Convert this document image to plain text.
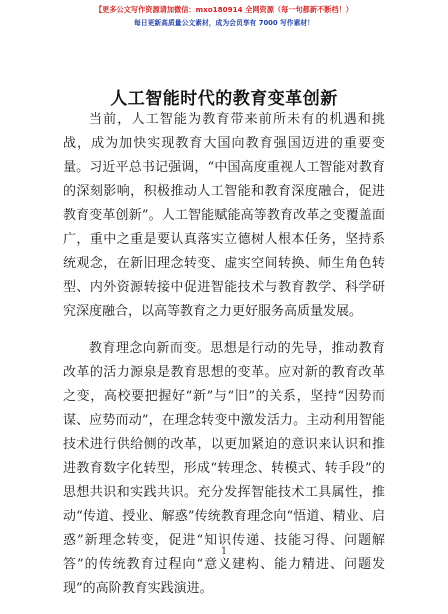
【更多公文写作资源请加微信：mxo180914 全网资源（每一句都新不断档！）
每日更新高质量公文素材，成为会员享有 7000 写作素材！
人工智能时代的教育变革创新

当前，人工智能为教育带来前所未有的机遇和挑战，成为加快实现教育大国向教育强国迈进的重要变量。习近平总书记强调，“中国高度重视人工智能对教育的深刻影响，积极推动人工智能和教育深度融合，促进教育变革创新”。人工智能赋能高等教育改革之变覆盖面广，重中之重是要认真落实立德树人根本任务，坚持系统观念，在新旧理念转变、虚实空间转换、师生角色转型、内外资源转接中促进智能技术与教育教学、科学研究深度融合，以高等教育之力更好服务高质量发展。

教育理念向新而变。思想是行动的先导，推动教育改革的活力源泉是教育思想的变革。应对新的教育改革之变，高校要把握好“新”与“旧”的关系，坚持“因势而谋、应势而动”，在理念转变中激发活力。主动利用智能技术进行供给侧的改革，以更加紧迫的意识来认识和推进教育数字化转型，形成“转理念、转模式、转手段”的思想共识和实践共识。充分发挥智能技术工具属性，推动“传道、授业、解惑”传统教育理念向“悟道、精业、启惑”新理念转变，促进“知识传递、技能习得、问题解答”的传统教育过程向“意义建构、能力精进、问题发现”的高阶教育实践演进。

1
